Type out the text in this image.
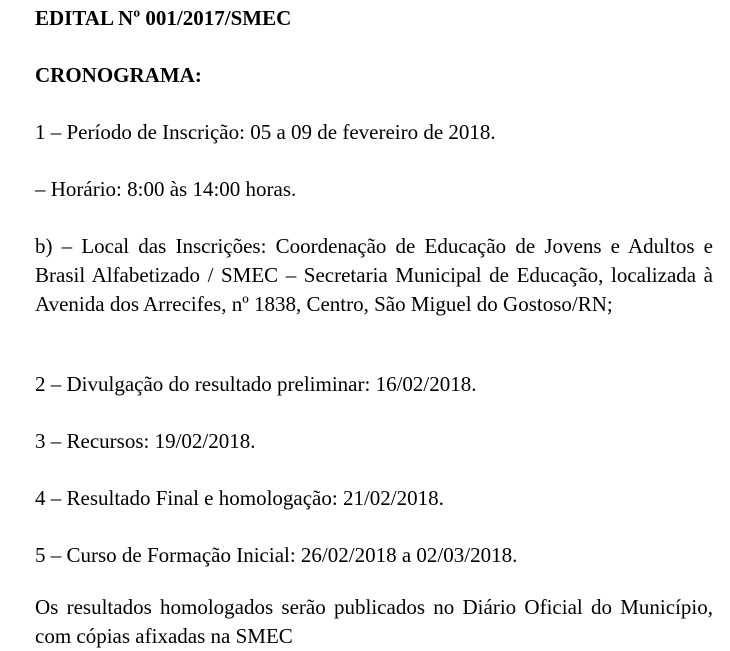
EDITAL Nº 001/2017/SMEC

CRONOGRAMA:

1 – Período de Inscrição: 05 a 09 de fevereiro de 2018.

– Horário: 8:00 às 14:00 horas.

b) – Local das Inscrições: Coordenação de Educação de Jovens e Adultos e Brasil Alfabetizado / SMEC – Secretaria Municipal de Educação, localizada à Avenida dos Arrecifes, nº 1838, Centro, São Miguel do Gostoso/RN;

2 – Divulgação do resultado preliminar: 16/02/2018.

3 – Recursos: 19/02/2018.

4 – Resultado Final e homologação: 21/02/2018.

5 – Curso de Formação Inicial: 26/02/2018 a 02/03/2018.

Os resultados homologados serão publicados no Diário Oficial do Município, com cópias afixadas na SMEC
